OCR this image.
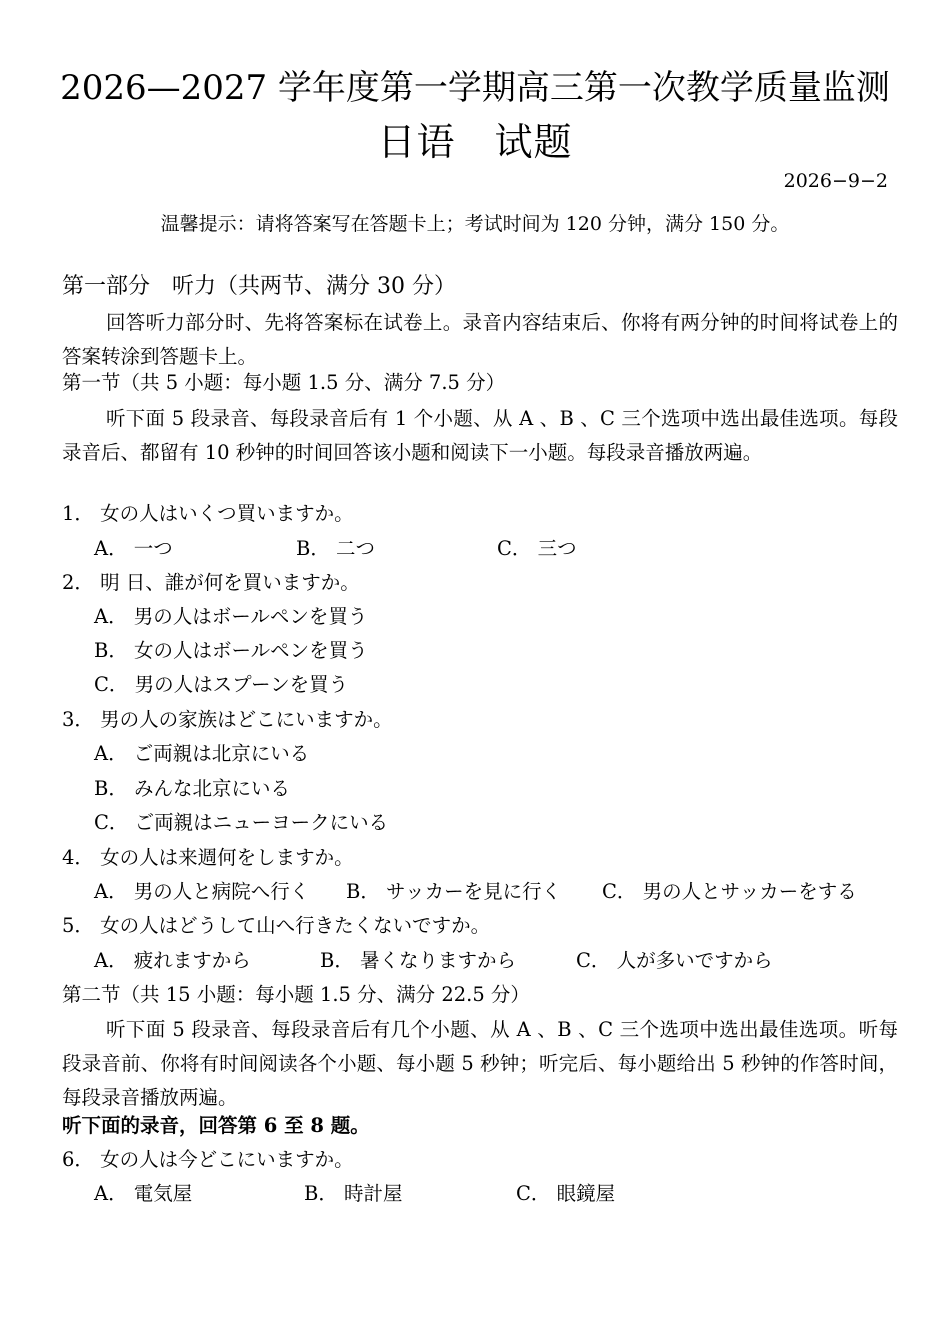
2026—2027 学年度第一学期高三第一次教学质量监测
日语　试题
2026−9−2
温馨提示：请将答案写在答题卡上；考试时间为 120 分钟，满分 150 分。
第一部分　听力（共两节、满分 30 分）
回答听力部分时、先将答案标在试卷上。录音内容结束后、你将有两分钟的时间将试卷上的答案转涂到答题卡上。
第一节（共 5 小题：每小题 1.5 分、满分 7.5 分）
听下面 5 段录音、每段录音后有 1 个小题、从 A 、B 、C 三个选项中选出最佳选项。每段录音后、都留有 10 秒钟的时间回答该小题和阅读下一小题。每段录音播放两遍。
1． 女の人はいくつ買いますか。
A． 一つ	B． 二つ	C． 三つ
2． 明 日、誰が何を買いますか。
A． 男の人はボールペンを買う
B． 女の人はボールペンを買う
C． 男の人はスプーンを買う
3． 男の人の家族はどこにいますか。
A． ご両親は北京にいる
B． みんな北京にいる
C． ご両親はニューヨークにいる
4． 女の人は来週何をしますか。
A． 男の人と病院へ行く B． サッカーを見に行く C． 男の人とサッカーをする
5． 女の人はどうして山へ行きたくないですか。
A． 疲れますから	B． 暑くなりますから	C． 人が多いですから
第二节（共 15 小题：每小题 1.5 分、满分 22.5 分）
听下面 5 段录音、每段录音后有几个小题、从 A 、B 、C 三个选项中选出最佳选项。听每段录音前、你将有时间阅读各个小题、每小题 5 秒钟；听完后、每小题给出 5 秒钟的作答时间，每段录音播放两遍。
听下面的录音，回答第 6 至 8 题。
6． 女の人は今どこにいますか。
A． 電気屋	B． 時計屋	C． 眼鏡屋
